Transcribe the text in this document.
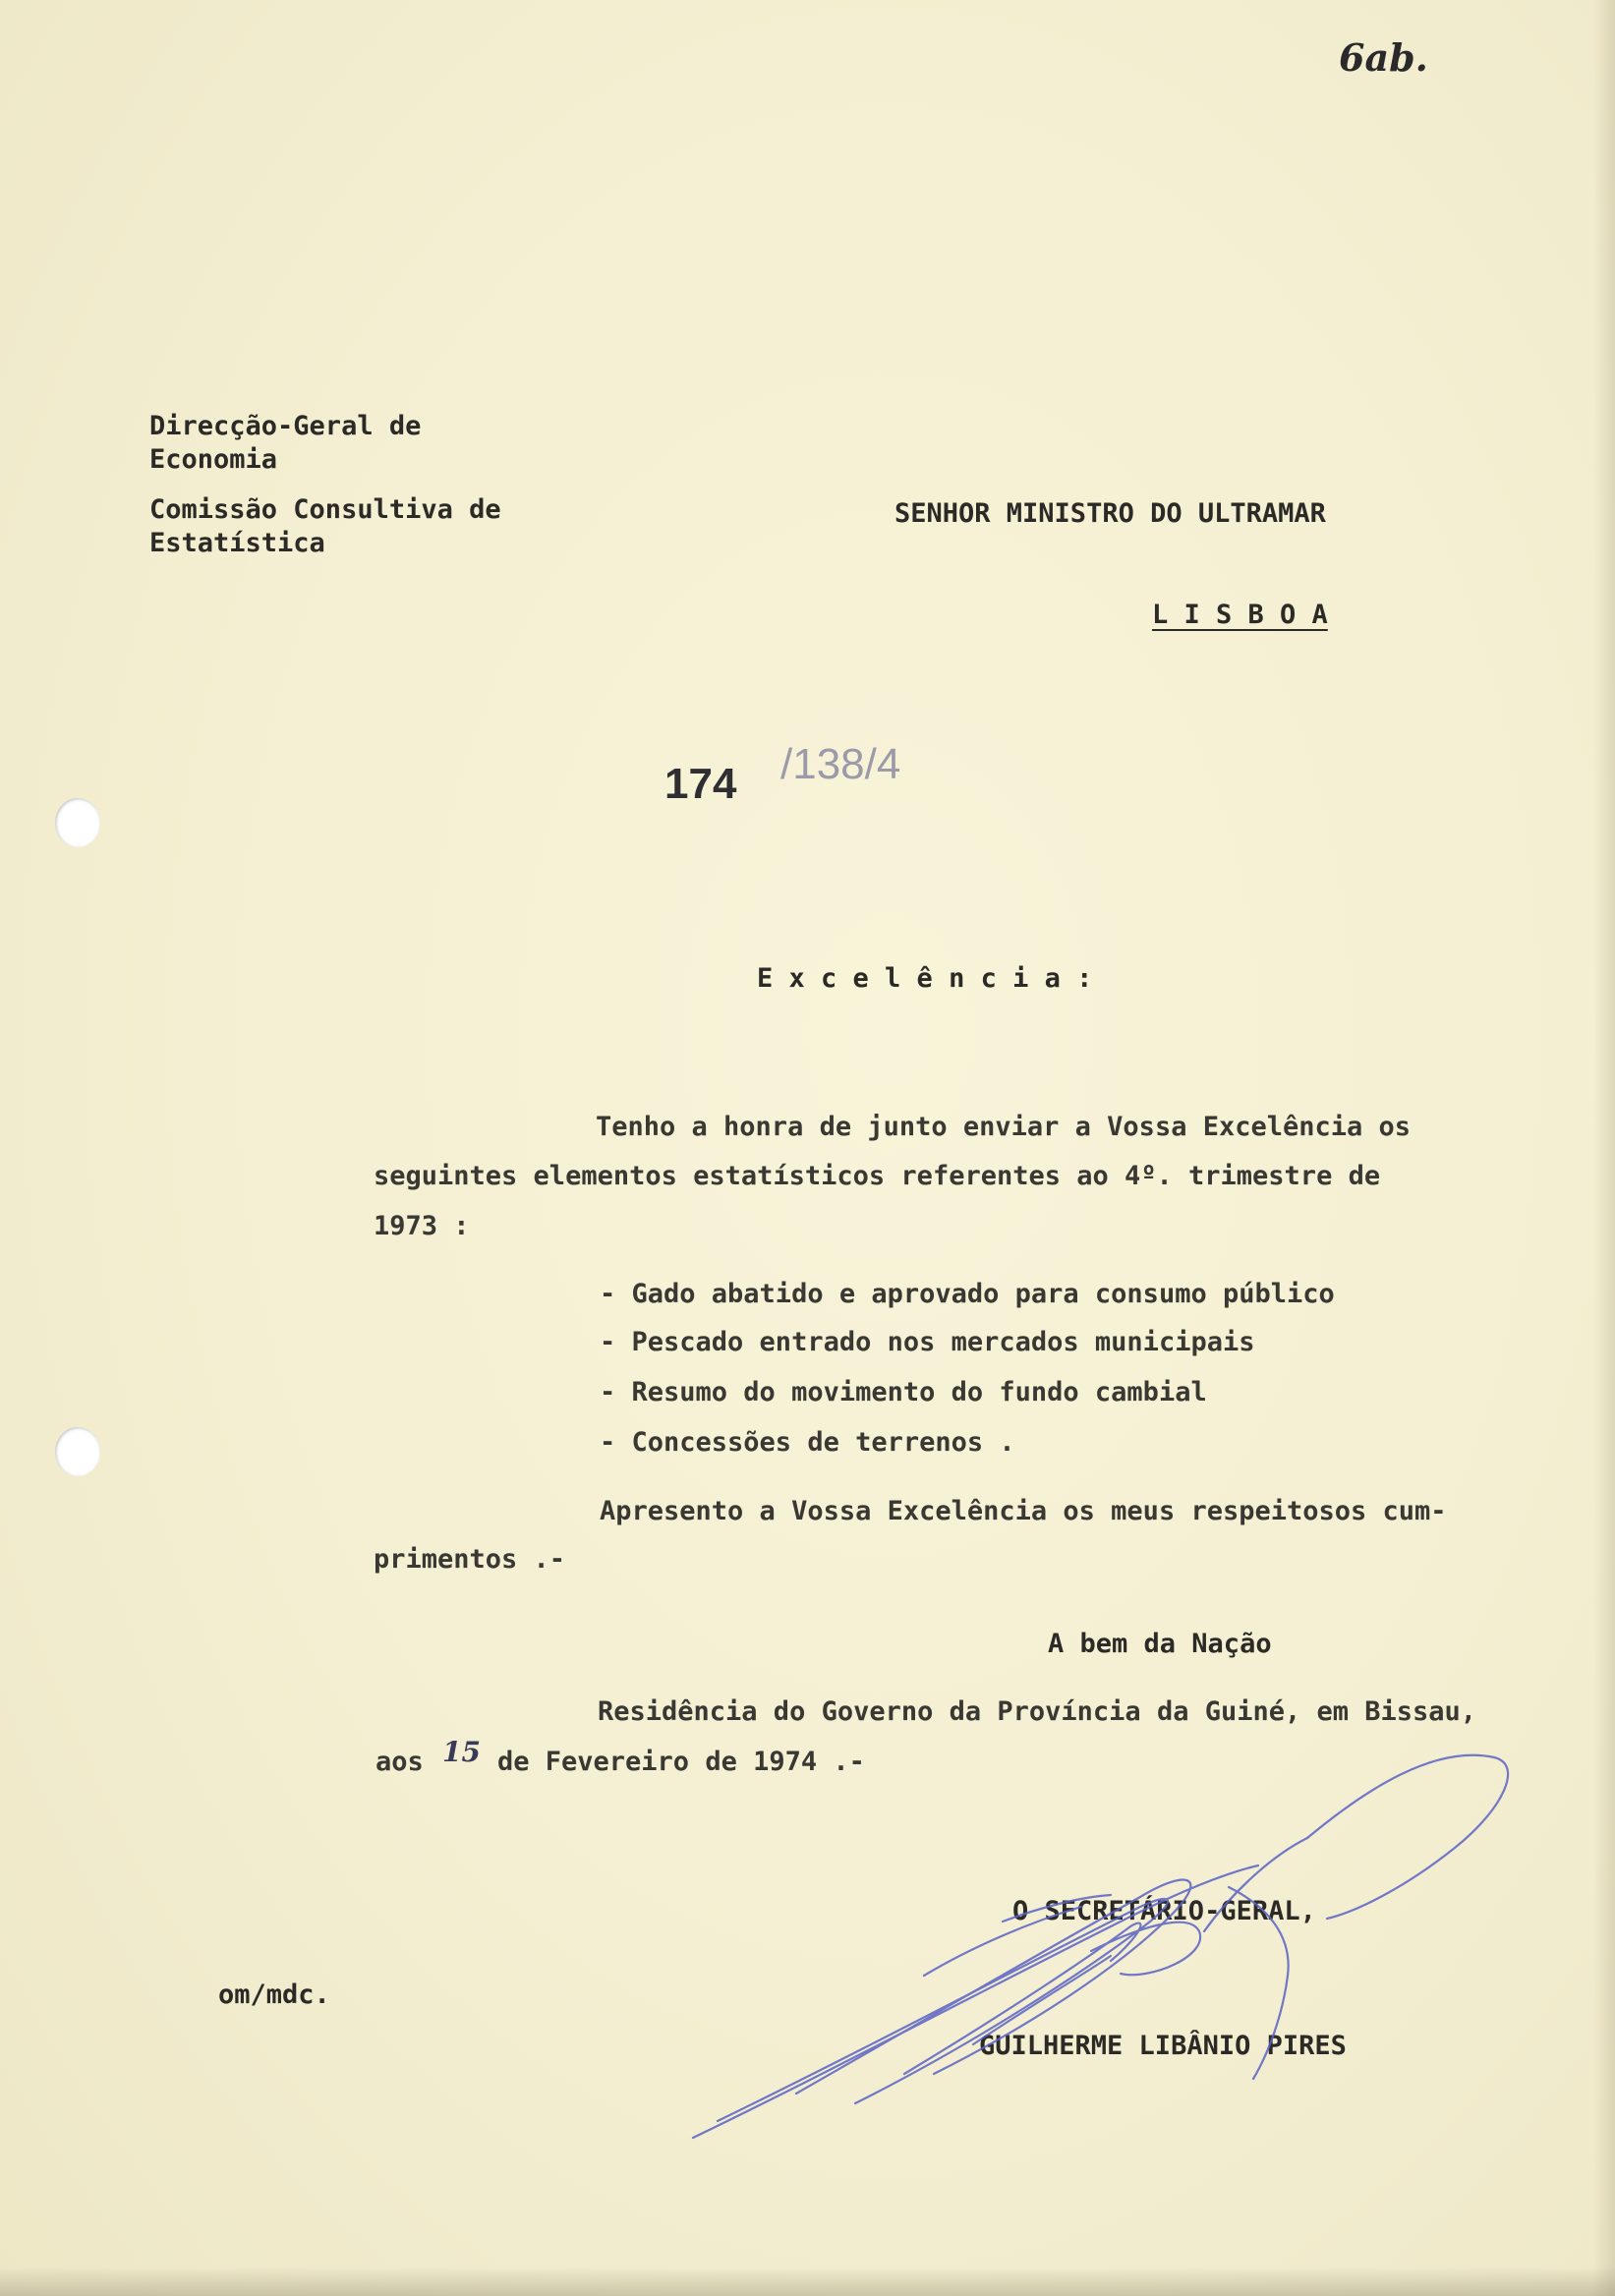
6ab.
Direcção-Geral de
Economia
Comissão Consultiva de
Estatística
SENHOR MINISTRO DO ULTRAMAR
L I S B O A
174 /138/4
E x c e l ê n c i a :
Tenho a honra de junto enviar a Vossa Excelência os
seguintes elementos estatísticos referentes ao 4º. trimestre de
1973 :
- Gado abatido e aprovado para consumo público
- Pescado entrado nos mercados municipais
- Resumo do movimento do fundo cambial
- Concessões de terrenos .
Apresento a Vossa Excelência os meus respeitosos cum-
primentos .-
A bem da Nação
Residência do Governo da Província da Guiné, em Bissau,
aos 15 de Fevereiro de 1974 .-
O SECRETÁRIO-GERAL,
GUILHERME LIBÂNIO PIRES
om/mdc.
